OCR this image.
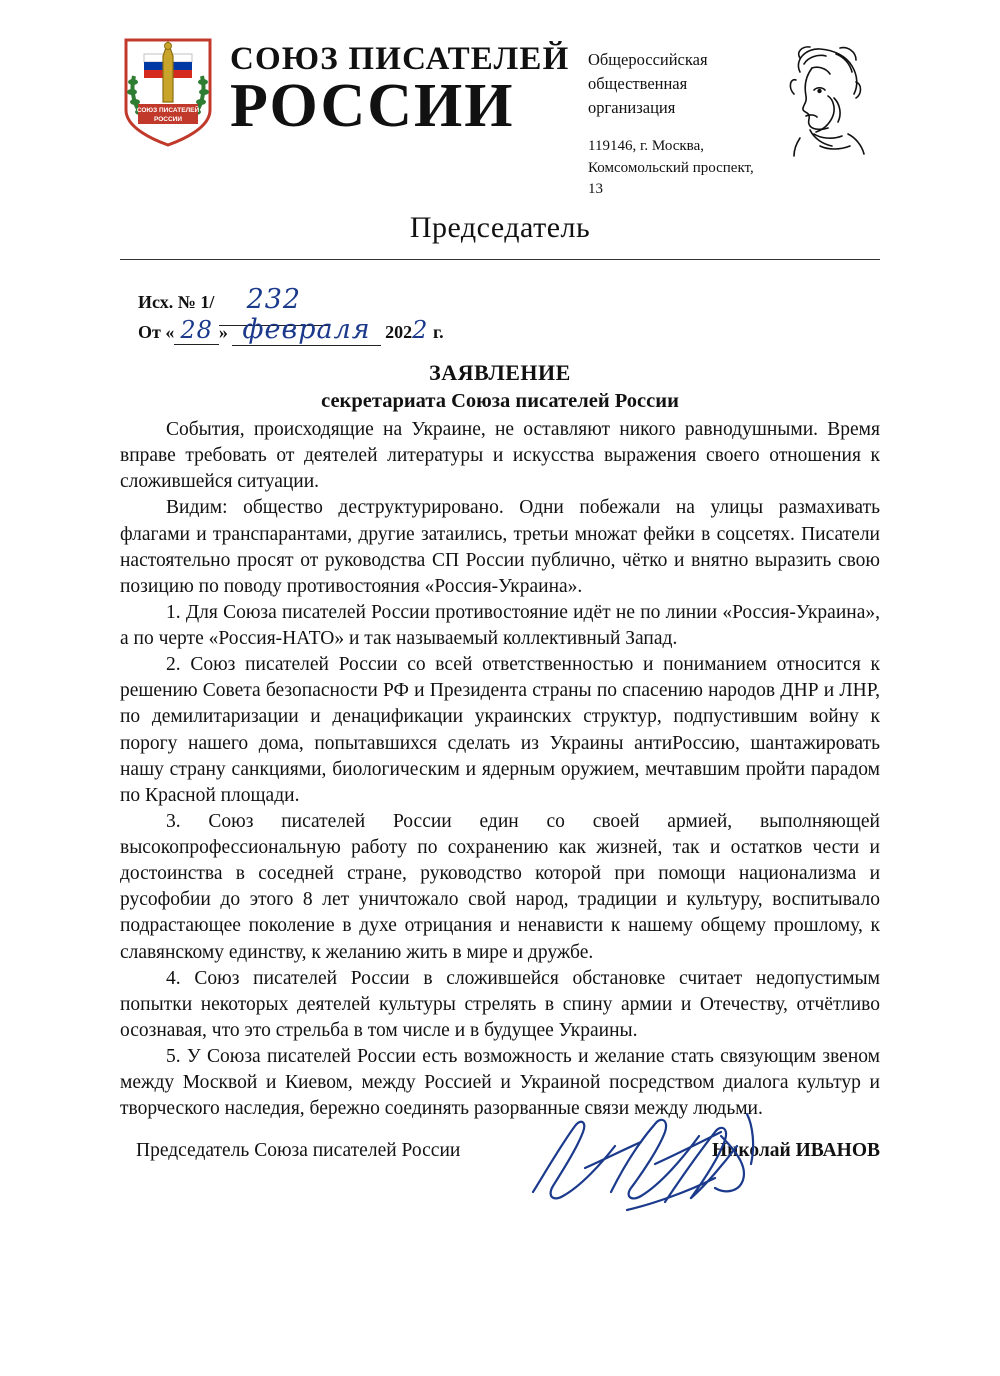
СОЮЗ ПИСАТЕЛЕЙ
РОССИИ
СОЮЗ ПИСАТЕЛЕЙ
РОССИИ
Общероссийская
общественная организация
119146, г. Москва,
Комсомольский проспект, 13
Председатель
Исх. № 1/ 232
От « 28 » февраля 2022 г.
ЗАЯВЛЕНИЕ
секретариата Союза писателей России

События, происходящие на Украине, не оставляют никого равнодушными. Время вправе требовать от деятелей литературы и искусства выражения своего отношения к сложившейся ситуации.

Видим: общество деструктурировано. Одни побежали на улицы размахивать флагами и транспарантами, другие затаились, третьи множат фейки в соцсетях. Писатели настоятельно просят от руководства СП России публично, чётко и внятно выразить свою позицию по поводу противостояния «Россия-Украина».

1. Для Союза писателей России противостояние идёт не по линии «Россия-Украина», а по черте «Россия-НАТО» и так называемый коллективный Запад.

2. Союз писателей России со всей ответственностью и пониманием относится к решению Совета безопасности РФ и Президента страны по спасению народов ДНР и ЛНР, по демилитаризации и денацификации украинских структур, подпустившим войну к порогу нашего дома, попытавшихся сделать из Украины антиРоссию, шантажировать нашу страну санкциями, биологическим и ядерным оружием, мечтавшим пройти парадом по Красной площади.

3. Союз писателей России един со своей армией, выполняющей высокопрофессиональную работу по сохранению как жизней, так и остатков чести и достоинства в соседней стране, руководство которой при помощи национализма и русофобии до этого 8 лет уничтожало свой народ, традиции и культуру, воспитывало подрастающее поколение в духе отрицания и ненависти к нашему общему прошлому, к славянскому единству, к желанию жить в мире и дружбе.

4. Союз писателей России в сложившейся обстановке считает недопустимым попытки некоторых деятелей культуры стрелять в спину армии и Отечеству, отчётливо осознавая, что это стрельба в том числе и в будущее Украины.

5. У Союза писателей России есть возможность и желание стать связующим звеном между Москвой и Киевом, между Россией и Украиной посредством диалога культур и творческого наследия, бережно соединять разорванные связи между людьми.

Председатель Союза писателей России	Николай ИВАНОВ
